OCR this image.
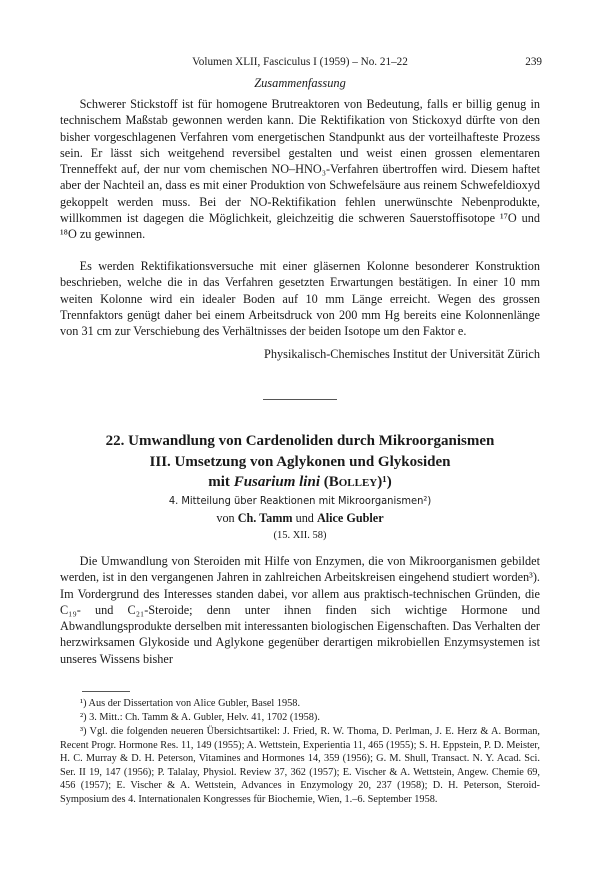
Volumen XLII, Fasciculus I (1959) – No. 21–22	239
Zusammenfassung

Schwerer Stickstoff ist für homogene Brutreaktoren von Bedeutung, falls er billig genug in technischem Maßstab gewonnen werden kann. Die Rektifikation von Stickoxyd dürfte von den bisher vorgeschlagenen Verfahren vom energetischen Standpunkt aus der vorteilhafteste Prozess sein. Er lässt sich weitgehend reversibel gestalten und weist einen grossen elementaren Trenneffekt auf, der nur vom chemischen NO–HNO₃-Verfahren übertroffen wird. Diesem haftet aber der Nachteil an, dass es mit einer Produktion von Schwefelsäure aus reinem Schwefeldioxyd gekoppelt werden muss. Bei der NO-Rektifikation fehlen unerwünschte Nebenprodukte, willkommen ist dagegen die Möglichkeit, gleichzeitig die schweren Sauerstoffisotope ¹⁷O und ¹⁸O zu gewinnen.

Es werden Rektifikationsversuche mit einer gläsernen Kolonne besonderer Konstruktion beschrieben, welche die in das Verfahren gesetzten Erwartungen bestätigen. In einer 10 mm weiten Kolonne wird ein idealer Boden auf 10 mm Länge erreicht. Wegen des grossen Trennfaktors genügt daher bei einem Arbeitsdruck von 200 mm Hg bereits eine Kolonnenlänge von 31 cm zur Verschiebung des Verhältnisses der beiden Isotope um den Faktor e.

Physikalisch-Chemisches Institut der Universität Zürich
22. Umwandlung von Cardenoliden durch Mikroorganismen
III. Umsetzung von Aglykonen und Glykosiden
mit Fusarium lini (Bolley)¹)
4. Mitteilung über Reaktionen mit Mikroorganismen²)
von Ch. Tamm und Alice Gubler
(15. XII. 58)

Die Umwandlung von Steroiden mit Hilfe von Enzymen, die von Mikroorganismen gebildet werden, ist in den vergangenen Jahren in zahlreichen Arbeitskreisen eingehend studiert worden³). Im Vordergrund des Interesses standen dabei, vor allem aus praktisch-technischen Gründen, die C₁₉- und C₂₁-Steroide; denn unter ihnen finden sich wichtige Hormone und Abwandlungsprodukte derselben mit interessanten biologischen Eigenschaften. Das Verhalten der herzwirksamen Glykoside und Aglykone gegenüber derartigen mikrobiellen Enzymsystemen ist unseres Wissens bisher

¹) Aus der Dissertation von Alice Gubler, Basel 1958.

²) 3. Mitt.: Ch. Tamm & A. Gubler, Helv. 41, 1702 (1958).

³) Vgl. die folgenden neueren Übersichtsartikel: J. Fried, R. W. Thoma, D. Perlman, J. E. Herz & A. Borman, Recent Progr. Hormone Res. 11, 149 (1955); A. Wettstein, Experientia 11, 465 (1955); S. H. Eppstein, P. D. Meister, H. C. Murray & D. H. Peterson, Vitamines and Hormones 14, 359 (1956); G. M. Shull, Transact. N. Y. Acad. Sci. Ser. II 19, 147 (1956); P. Talalay, Physiol. Review 37, 362 (1957); E. Vischer & A. Wettstein, Angew. Chemie 69, 456 (1957); E. Vischer & A. Wettstein, Advances in Enzymology 20, 237 (1958); D. H. Peterson, Steroid-Symposium des 4. Internationalen Kongresses für Biochemie, Wien, 1.–6. September 1958.
